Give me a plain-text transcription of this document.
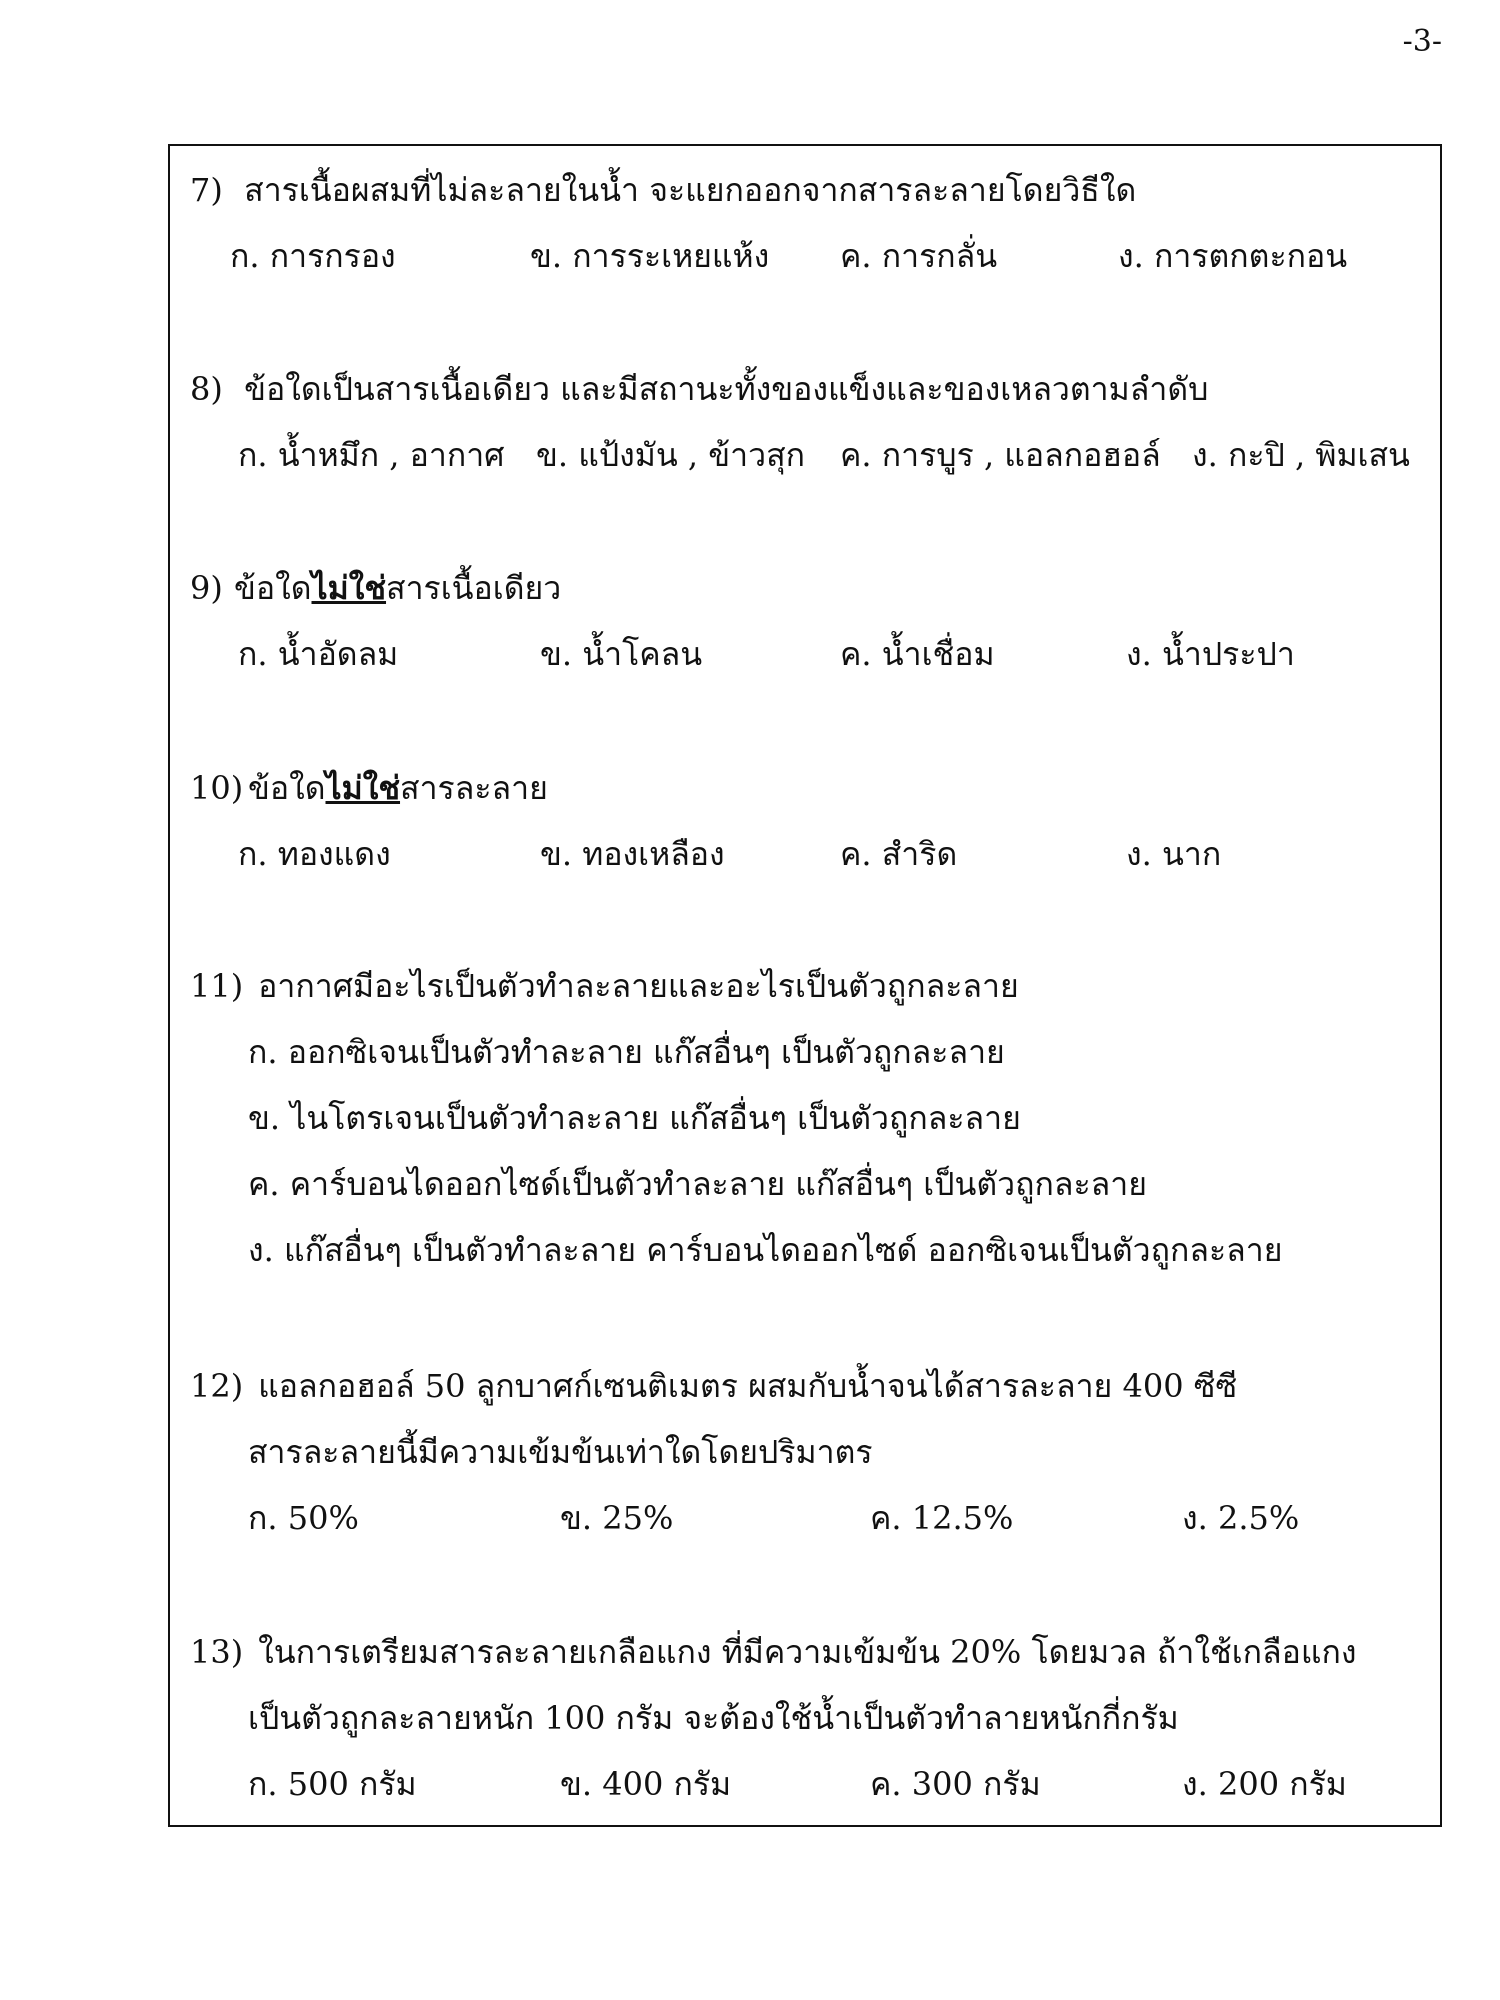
-3-
7) สารเนื้อผสมที่ไม่ละลายในน้ำ จะแยกออกจากสารละลายโดยวิธีใด
ก. การกรอง	ข. การระเหยแห้ง ค. การกลั่น	ง. การตกตะกอน
8) ข้อใดเป็นสารเนื้อเดียว และมีสถานะทั้งของแข็งและของเหลวตามลำดับ
ก. น้ำหมึก , อากาศ ข. แป้งมัน , ข้าวสุก ค. การบูร , แอลกอฮอล์ ง. กะปิ , พิมเสน
9) ข้อใดไม่ใช่สารเนื้อเดียว
ก. น้ำอัดลม	ข. น้ำโคลน	ค. น้ำเชื่อม	ง. น้ำประปา
10) ข้อใดไม่ใช่สารละลาย
ก. ทองแดง	ข. ทองเหลือง	ค. สำริด	ง. นาก
11) อากาศมีอะไรเป็นตัวทำละลายและอะไรเป็นตัวถูกละลาย
ก. ออกซิเจนเป็นตัวทำละลาย แก๊สอื่นๆ เป็นตัวถูกละลาย
ข. ไนโตรเจนเป็นตัวทำละลาย แก๊สอื่นๆ เป็นตัวถูกละลาย
ค. คาร์บอนไดออกไซด์เป็นตัวทำละลาย แก๊สอื่นๆ เป็นตัวถูกละลาย
ง. แก๊สอื่นๆ เป็นตัวทำละลาย คาร์บอนไดออกไซด์ ออกซิเจนเป็นตัวถูกละลาย
12) แอลกอฮอล์ 50 ลูกบาศก์เซนติเมตร ผสมกับน้ำจนได้สารละลาย 400 ซีซี
สารละลายนี้มีความเข้มข้นเท่าใดโดยปริมาตร
ก. 50%	ข. 25%	ค. 12.5%	ง. 2.5%
13) ในการเตรียมสารละลายเกลือแกง ที่มีความเข้มข้น 20% โดยมวล ถ้าใช้เกลือแกง
เป็นตัวถูกละลายหนัก 100 กรัม จะต้องใช้น้ำเป็นตัวทำลายหนักกี่กรัม
ก. 500 กรัม	ข. 400 กรัม	ค. 300 กรัม	ง. 200 กรัม
